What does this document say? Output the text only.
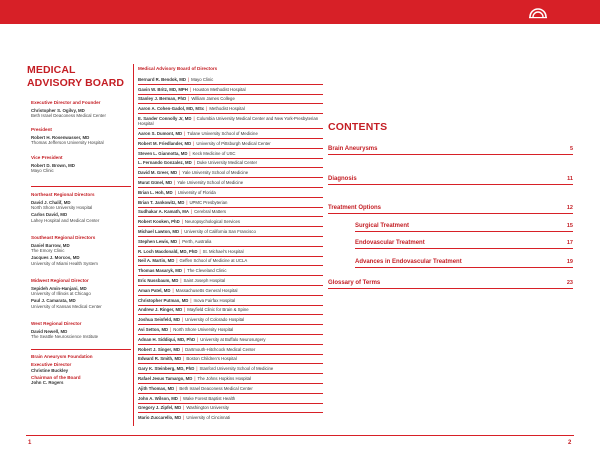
MEDICAL ADVISORY BOARD
Executive Director and Founder
Christopher S. Ogilvy, MD
Beth Israel Deaconess Medical Center
President
Robert H. Rosenwasser, MD
Thomas Jefferson University Hospital
Vice President
Robert D. Brown, MD
Mayo Clinic
Northeast Regional Directors
David J. Chalif, MD
North Shore University Hospital
Carlos David, MD
Lahey Hospital and Medical Center
Southeast Regional Directors
Daniel Barrow, MD
The Emory Clinic
Jacques J. Morcos, MD
University of Miami Health System
Midwest Regional Director
Sepideh Amin-Hanjani, MD
University of Illinois at Chicago
Paul J. Camarata, MD
University of Kansas Medical Center
West Regional Director
David Newell, MD
The Seattle Neuroscience Institute
Brain Aneurysm Foundation
Executive Director
Christine Buckley
Chairman of the Board
John C. Rogers
Medical Advisory Board of Directors
Bernard R. Bendok, MD | Mayo Clinic
Gavin W. Britz, MD, MPH | Houston Methodist Hospital
Stanley J. Berman, PhD | William James College
Aaron A. Cohen-Gadol, MD, MSc | Methodist Hospital
E. Sander Connolly Jr, MD | Columbia University Medical Center and New York-Presbyterian Hospital
Aaron S. Dumont, MD | Tulane University School of Medicine
Robert M. Friedlander, MD | University of Pittsburgh Medical Center
Steven L. Giannotta, MD | Keck Medicine of USC
L. Fernando Gonzalez, MD | Duke University Medical Center
David M. Greer, MD | Yale University School of Medicine
Murat Günel, MD | Yale University School of Medicine
Brian L. Hoh, MD | University of Florida
Brian T. Jankowitz, MD | UPMC Presbyterian
Sudhakar A. Kamath, MA | Cerebral Matters
Robert Kooken, PhD | Neuropsychological Services
Michael Lawton, MD | University of California San Francisco
Stephen Lewis, MD | Perth, Australia
R. Loch Macdonald, MD, PhD | St. Michael’s Hospital
Neil A. Martin, MD | Geffen School of Medicine at UCLA
Thomas Masaryk, MD | The Cleveland Clinic
Eric Nussbaum, MD | Saint Joseph Hospital
Aman Patel, MD | Massachusetts General Hospital
Christopher Putman, MD | Inova Fairfax Hospital
Andrew J. Ringer, MD | Mayfield Clinic for Brain & Spine
Joshua Seinfeld, MD | University of Colorado Hospital
Avi Setton, MD | North Shore University Hospital
Adnan H. Siddiqui, MD, PhD | University at Buffalo Neurosurgery
Robert J. Singer, MD | Dartmouth-Hitchcock Medical Center
Edward R. Smith, MD | Boston Children’s Hospital
Gary K. Steinberg, MD, PhD | Stanford University School of Medicine
Rafael Jesus Tamargo, MD | The Johns Hopkins Hospital
Ajith Thomas, MD | Beth Israel Deaconess Medical Center
John A. Wilson, MD | Wake Forest Baptist Health
Gregory J. Zipfel, MD | Washington University
Mario Zuccarello, MD | University of Cincinnati
CONTENTS
Brain Aneurysms	5
Diagnosis	11
Treatment Options	12
Surgical Treatment	15
Endovascular Treatment	17
Advances in Endovascular Treatment	19
Glossary of Terms	23
1	2
